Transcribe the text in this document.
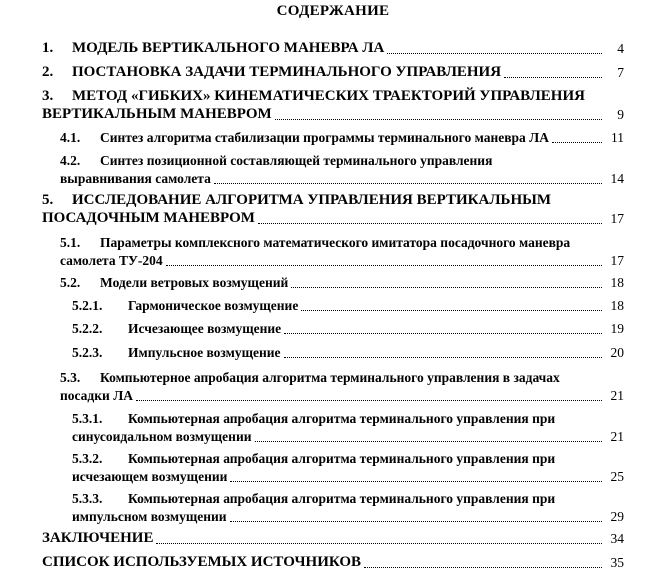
СОДЕРЖАНИЕ
1. МОДЕЛЬ ВЕРТИКАЛЬНОГО МАНЕВРА ЛА	4
2. ПОСТАНОВКА ЗАДАЧИ ТЕРМИНАЛЬНОГО УПРАВЛЕНИЯ	7
3. МЕТОД «ГИБКИХ» КИНЕМАТИЧЕСКИХ ТРАЕКТОРИЙ УПРАВЛЕНИЯ
ВЕРТИКАЛЬНЫМ МАНЕВРОМ	9
4.1. Синтез алгоритма стабилизации программы терминального маневра ЛА	11
4.2. Синтез позиционной составляющей терминального управления
выравнивания самолета	14
5. ИССЛЕДОВАНИЕ АЛГОРИТМА УПРАВЛЕНИЯ ВЕРТИКАЛЬНЫМ
ПОСАДОЧНЫМ МАНЕВРОМ	17
5.1. Параметры комплексного математического имитатора посадочного маневра
самолета ТУ-204	17
5.2. Модели ветровых возмущений	18
5.2.1. Гармоническое возмущение	18
5.2.2. Исчезающее возмущение	19
5.2.3. Импульсное возмущение	20
5.3. Компьютерное апробация алгоритма терминального управления в задачах
посадки ЛА	21
5.3.1. Компьютерная апробация алгоритма терминального управления при
синусоидальном возмущении	21
5.3.2. Компьютерная апробация алгоритма терминального управления при
исчезающем возмущении	25
5.3.3. Компьютерная апробация алгоритма терминального управления при
импульсном возмущении	29
ЗАКЛЮЧЕНИЕ	34
СПИСОК ИСПОЛЬЗУЕМЫХ ИСТОЧНИКОВ	35
